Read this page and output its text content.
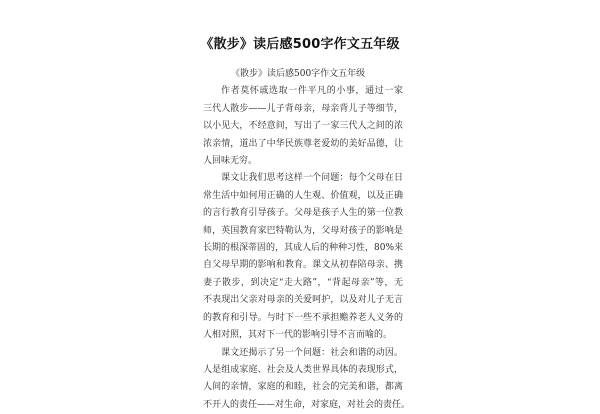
《散步》读后感500字作文五年级
《散步》读后感500字作文五年级
作者莫怀戚选取一件平凡的小事，通过一家
三代人散步——儿子背母亲，母亲背儿子等细节，
以小见大，不经意间，写出了一家三代人之间的浓
浓亲情，道出了中华民族尊老爱幼的美好品德，让
人回味无穷。
课文让我们思考这样一个问题：每个父母在日
常生活中如何用正确的人生观、价值观，以及正确
的言行教育引导孩子。父母是孩子人生的第一位教
师，英国教育家巴特勒认为，父母对孩子的影响是
长期的根深蒂固的，其成人后的种种习性，80%来
自父母早期的影响和教育。课文从初春陪母亲、携
妻子散步，到决定“走大路”，“背起母亲”等，无
不表现出父亲对母亲的关爱呵护，以及对儿子无言
的教育和引导。与时下一些不承担赡养老人义务的
人相对照，其对下一代的影响引导不言而喻的。
课文还揭示了另一个问题：社会和谐的动因。
人是组成家庭、社会及人类世界具体的表现形式，
人间的亲情，家庭的和睦，社会的完美和谐，都离
不开人的责任——对生命，对家庭，对社会的责任。
